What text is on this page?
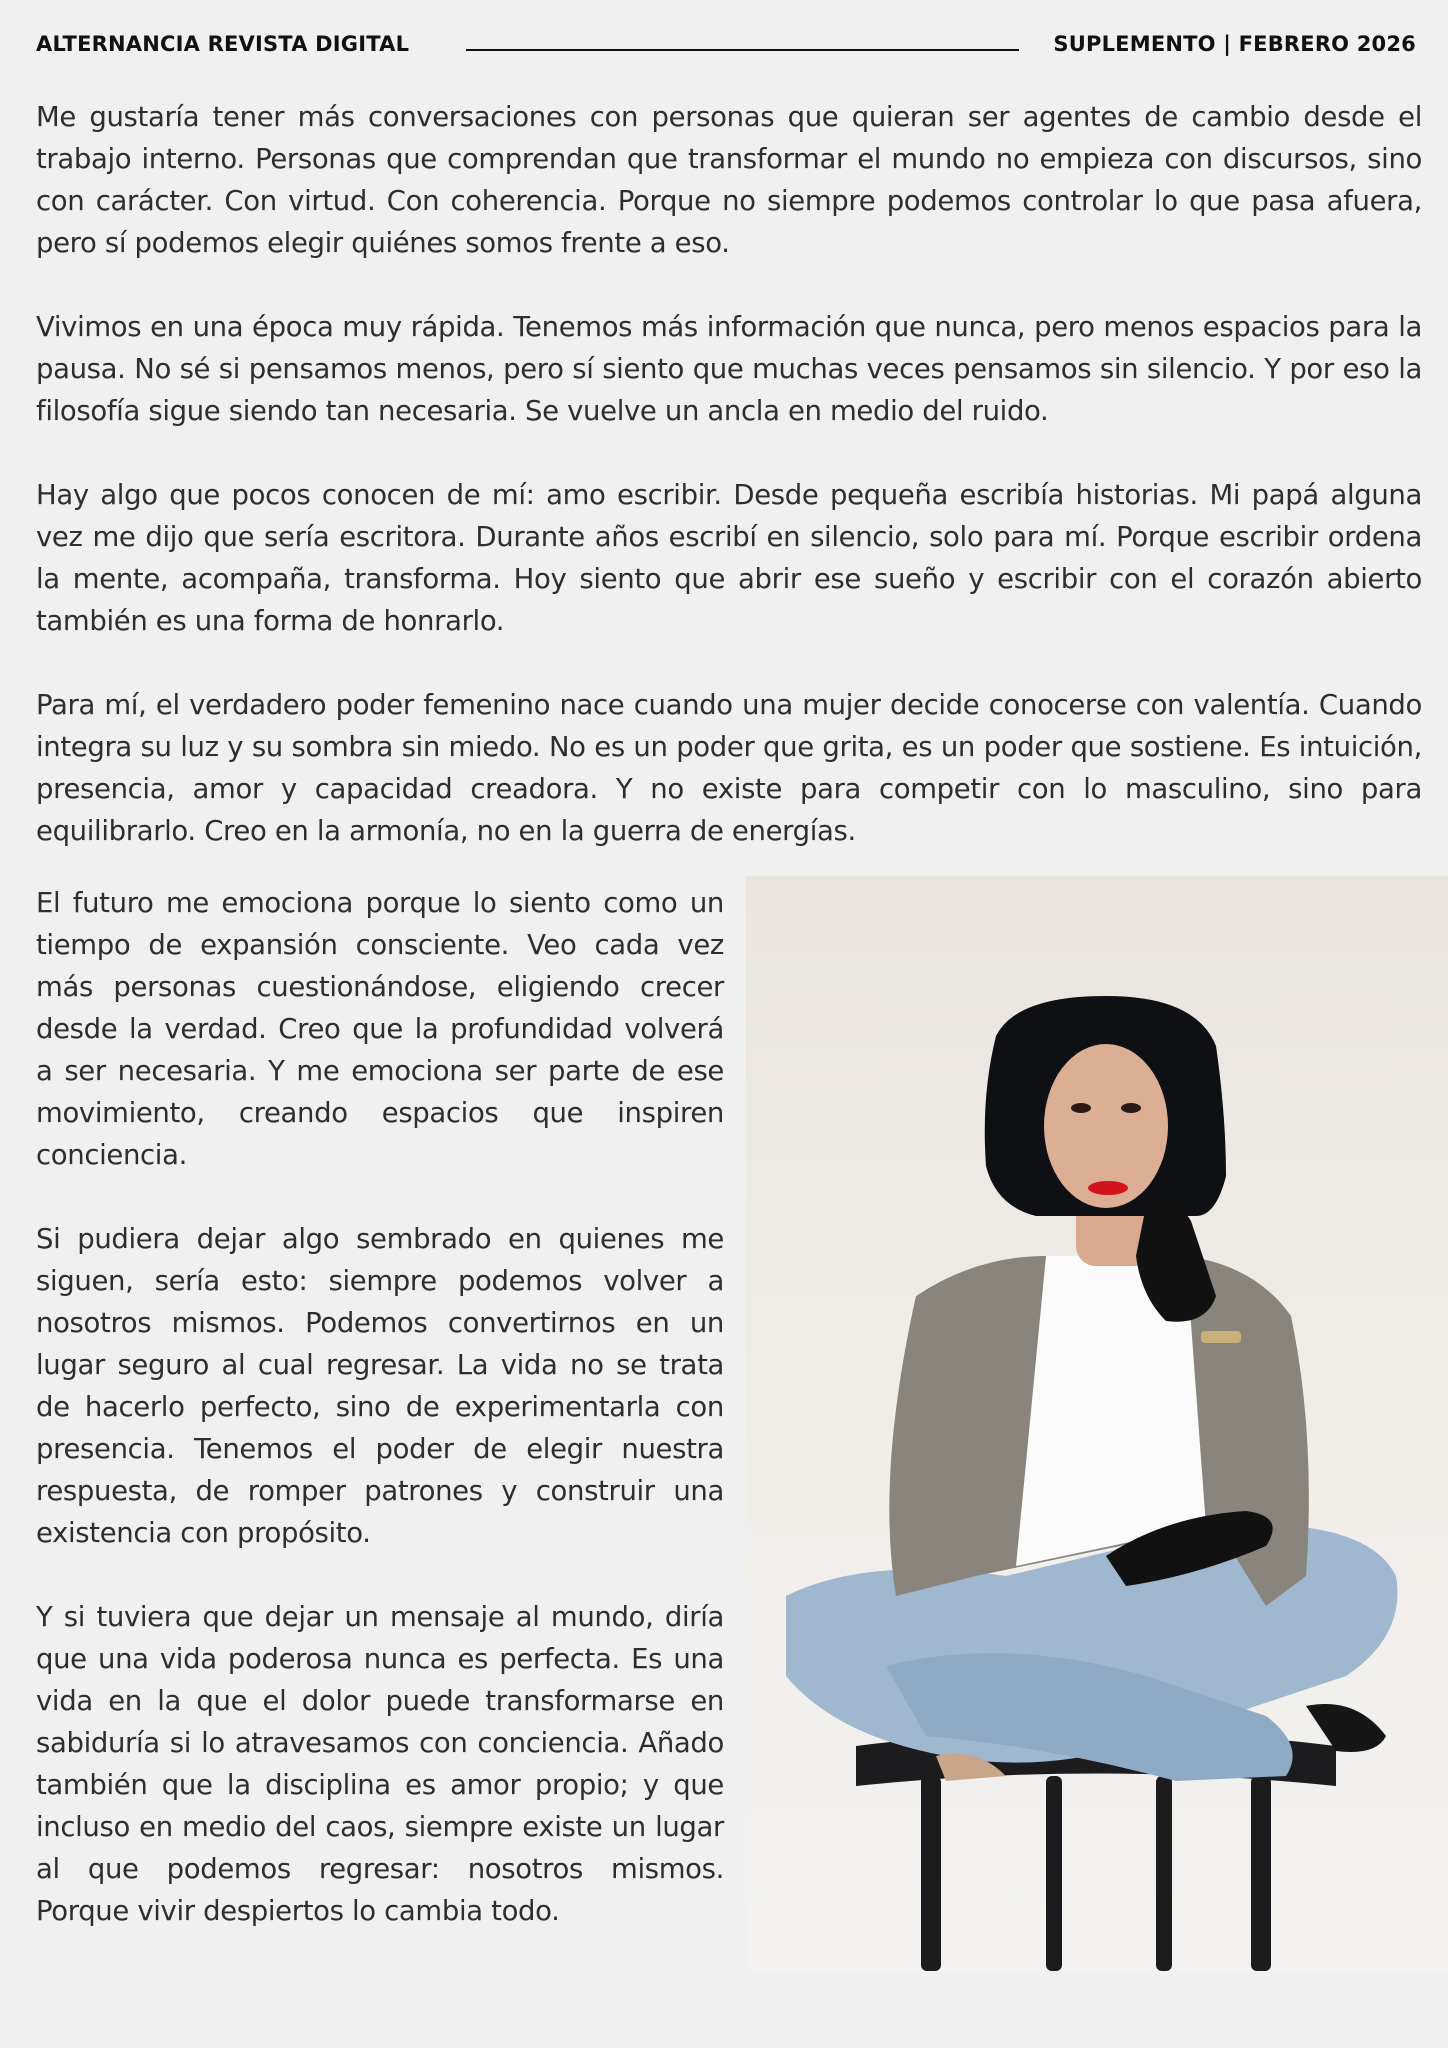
ALTERNANCIA REVISTA DIGITAL	SUPLEMENTO | FEBRERO 2026

Me gustaría tener más conversaciones con personas que quieran ser agentes de cambio desde el trabajo interno. Personas que comprendan que transformar el mundo no empieza con discursos, sino con carácter. Con virtud. Con coherencia. Porque no siempre podemos controlar lo que pasa afuera, pero sí podemos elegir quiénes somos frente a eso.

Vivimos en una época muy rápida. Tenemos más información que nunca, pero menos espacios para la pausa. No sé si pensamos menos, pero sí siento que muchas veces pensamos sin silencio. Y por eso la filosofía sigue siendo tan necesaria. Se vuelve un ancla en medio del ruido.

Hay algo que pocos conocen de mí: amo escribir. Desde pequeña escribía historias. Mi papá alguna vez me dijo que sería escritora. Durante años escribí en silencio, solo para mí. Porque escribir ordena la mente, acompaña, transforma. Hoy siento que abrir ese sueño y escribir con el corazón abierto también es una forma de honrarlo.

Para mí, el verdadero poder femenino nace cuando una mujer decide conocerse con valentía. Cuando integra su luz y su sombra sin miedo. No es un poder que grita, es un poder que sostiene. Es intuición, presencia, amor y capacidad creadora. Y no existe para competir con lo masculino, sino para equilibrarlo. Creo en la armonía, no en la guerra de energías.

El futuro me emociona porque lo siento como un tiempo de expansión consciente. Veo cada vez más personas cuestionándose, eligiendo crecer desde la verdad. Creo que la profundidad volverá a ser necesaria. Y me emociona ser parte de ese movimiento, creando espacios que inspiren conciencia.

Si pudiera dejar algo sembrado en quienes me siguen, sería esto: siempre podemos volver a nosotros mismos. Podemos convertirnos en un lugar seguro al cual regresar. La vida no se trata de hacerlo perfecto, sino de experimentarla con presencia. Tenemos el poder de elegir nuestra respuesta, de romper patrones y construir una existencia con propósito.

Y si tuviera que dejar un mensaje al mundo, diría que una vida poderosa nunca es perfecta. Es una vida en la que el dolor puede transformarse en sabiduría si lo atravesamos con conciencia. Añado también que la disciplina es amor propio; y que incluso en medio del caos, siempre existe un lugar al que podemos regresar: nosotros mismos. Porque vivir despiertos lo cambia todo.
